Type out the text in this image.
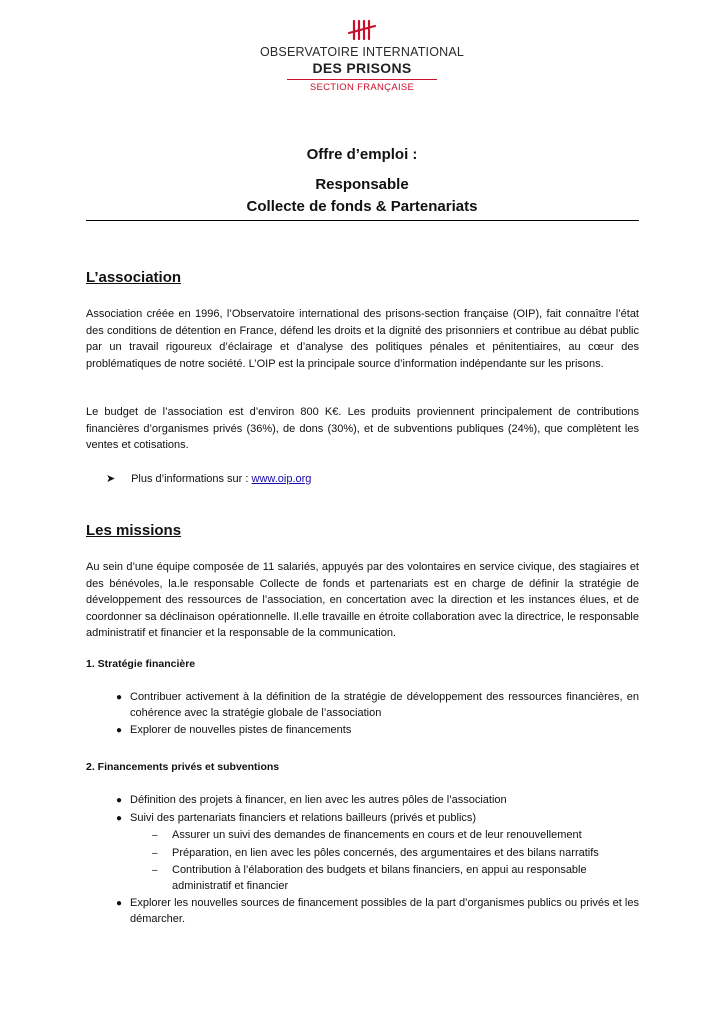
OBSERVATOIRE INTERNATIONAL
DES PRISONS
SECTION FRANÇAISE
Offre d’emploi :
Responsable
Collecte de fonds & Partenariats
L’association
Association créée en 1996, l’Observatoire international des prisons-section française (OIP), fait connaître l’état des conditions de détention en France, défend les droits et la dignité des prisonniers et contribue au débat public par un travail rigoureux d’éclairage et d’analyse des politiques pénales et pénitentiaires, au cœur des problématiques de notre société. L’OIP est la principale source d’information indépendante sur les prisons.
Le budget de l’association est d’environ 800 K€. Les produits proviennent principalement de contributions financières d’organismes privés (36%), de dons (30%), et de subventions publiques (24%), que complètent les ventes et cotisations.
➤ Plus d’informations sur : www.oip.org
Les missions
Au sein d’une équipe composée de 11 salariés, appuyés par des volontaires en service civique, des stagiaires et des bénévoles, la.le responsable Collecte de fonds et partenariats est en charge de définir la stratégie de développement des ressources de l’association, en concertation avec la direction et les instances élues, et de coordonner sa déclinaison opérationnelle. Il.elle travaille en étroite collaboration avec la directrice, le responsable administratif et financier et la responsable de la communication.
1. Stratégie financière
● Contribuer activement à la définition de la stratégie de développement des ressources financières, en cohérence avec la stratégie globale de l’association
● Explorer de nouvelles pistes de financements
2. Financements privés et subventions
● Définition des projets à financer, en lien avec les autres pôles de l’association
● Suivi des partenariats financiers et relations bailleurs (privés et publics)
– Assurer un suivi des demandes de financements en cours et de leur renouvellement
– Préparation, en lien avec les pôles concernés, des argumentaires et des bilans narratifs
– Contribution à l’élaboration des budgets et bilans financiers, en appui au responsable administratif et financier
● Explorer les nouvelles sources de financement possibles de la part d’organismes publics ou privés et les démarcher.
